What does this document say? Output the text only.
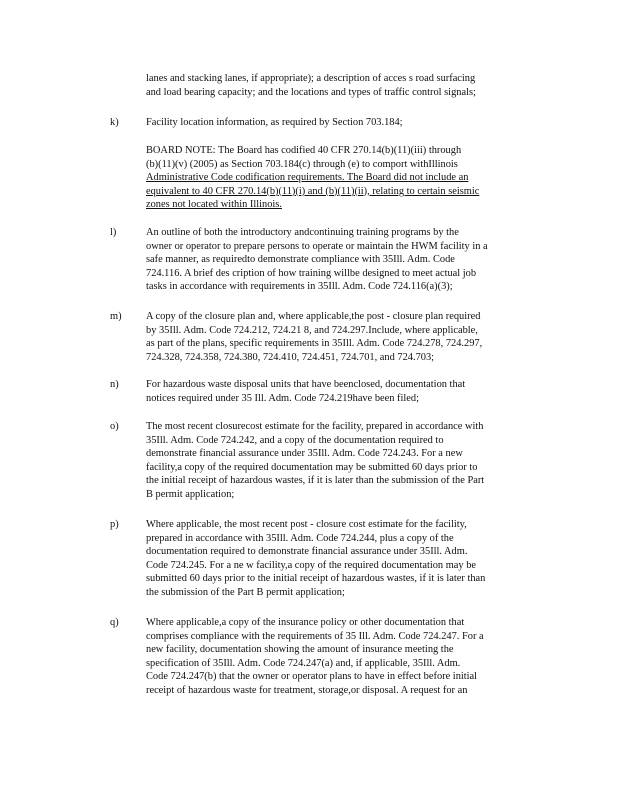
lanes and stacking lanes, if appropriate); a description of acces s road surfacing
and load bearing capacity; and the locations and types of traffic control signals;
k)	Facility location information, as required by Section 703.184;
BOARD NOTE: The Board has codified 40 CFR 270.14(b)(11)(iii) through
(b)(11)(v) (2005) as Section 703.184(c) through (e) to comport withIllinois
Administrative Code codification requirements. The Board did not include an
equivalent to 40 CFR 270.14(b)(11)(i) and (b)(11)(ii), relating to certain seismic
zones not located within Illinois.
l)	An outline of both the introductory andcontinuing training programs by the
owner or operator to prepare persons to operate or maintain the HWM facility in a
safe manner, as requiredto demonstrate compliance with 35Ill. Adm. Code
724.116. A brief des cription of how training willbe designed to meet actual job
tasks in accordance with requirements in 35Ill. Adm. Code 724.116(a)(3);
m) A copy of the closure plan and, where applicable,the post - closure plan required
by 35Ill. Adm. Code 724.212, 724.21 8, and 724.297.Include, where applicable,
as part of the plans, specific requirements in 35Ill. Adm. Code 724.278, 724.297,
724.328, 724.358, 724.380, 724.410, 724.451, 724.701, and 724.703;
n)	For hazardous waste disposal units that have beenclosed, documentation that
notices required under 35 Ill. Adm. Code 724.219have been filed;
o)	The most recent closurecost estimate for the facility, prepared in accordance with
35Ill. Adm. Code 724.242, and a copy of the documentation required to
demonstrate financial assurance under 35Ill. Adm. Code 724.243. For a new
facility,a copy of the required documentation may be submitted 60 days prior to
the initial receipt of hazardous wastes, if it is later than the submission of the Part
B permit application;
p)	Where applicable, the most recent post - closure cost estimate for the facility,
prepared in accordance with 35Ill. Adm. Code 724.244, plus a copy of the
documentation required to demonstrate financial assurance under 35Ill. Adm.
Code 724.245. For a ne w facility,a copy of the required documentation may be
submitted 60 days prior to the initial receipt of hazardous wastes, if it is later than
the submission of the Part B permit application;
q)	Where applicable,a copy of the insurance policy or other documentation that
comprises compliance with the requirements of 35 Ill. Adm. Code 724.247. For a
new facility, documentation showing the amount of insurance meeting the
specification of 35Ill. Adm. Code 724.247(a) and, if applicable, 35Ill. Adm.
Code 724.247(b) that the owner or operator plans to have in effect before initial
receipt of hazardous waste for treatment, storage,or disposal. A request for an
